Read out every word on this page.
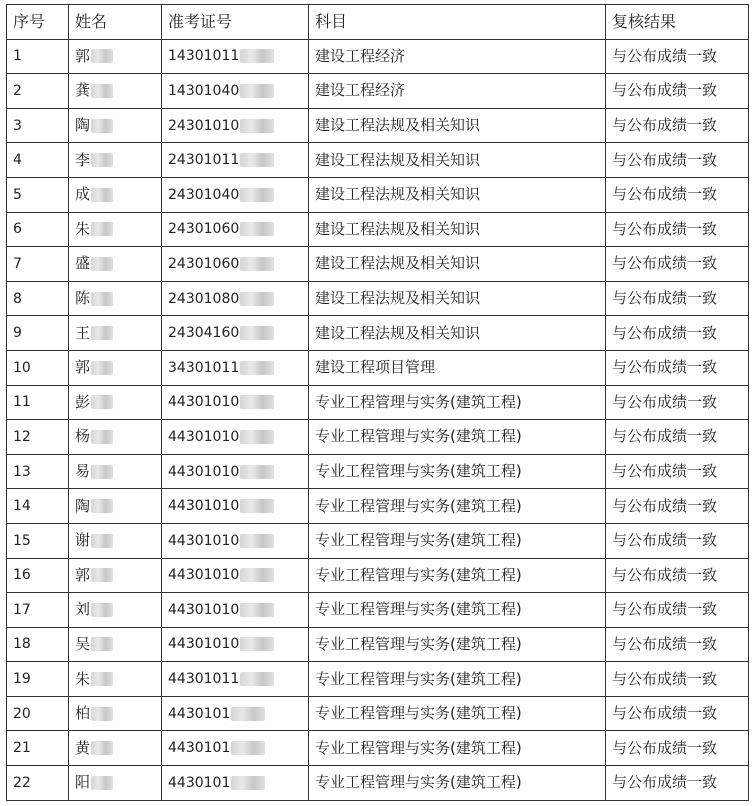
序号	姓名	准考证号	科目	复核结果
1	郭	14301011	建设工程经济	与公布成绩一致
2	龚	14301040	建设工程经济	与公布成绩一致
3	陶	24301010	建设工程法规及相关知识	与公布成绩一致
4	李	24301011	建设工程法规及相关知识	与公布成绩一致
5	成	24301040	建设工程法规及相关知识	与公布成绩一致
6	朱	24301060	建设工程法规及相关知识	与公布成绩一致
7	盛	24301060	建设工程法规及相关知识	与公布成绩一致
8	陈	24301080	建设工程法规及相关知识	与公布成绩一致
9	王	24304160	建设工程法规及相关知识	与公布成绩一致
10	郭	34301011	建设工程项目管理	与公布成绩一致
11	彭	44301010	专业工程管理与实务(建筑工程)	与公布成绩一致
12	杨	44301010	专业工程管理与实务(建筑工程)	与公布成绩一致
13	易	44301010	专业工程管理与实务(建筑工程)	与公布成绩一致
14	陶	44301010	专业工程管理与实务(建筑工程)	与公布成绩一致
15	谢	44301010	专业工程管理与实务(建筑工程)	与公布成绩一致
16	郭	44301010	专业工程管理与实务(建筑工程)	与公布成绩一致
17	刘	44301010	专业工程管理与实务(建筑工程)	与公布成绩一致
18	吴	44301010	专业工程管理与实务(建筑工程)	与公布成绩一致
19	朱	44301011	专业工程管理与实务(建筑工程)	与公布成绩一致
20	柏	4430101	专业工程管理与实务(建筑工程)	与公布成绩一致
21	黄	4430101	专业工程管理与实务(建筑工程)	与公布成绩一致
22	阳	4430101	专业工程管理与实务(建筑工程)	与公布成绩一致
